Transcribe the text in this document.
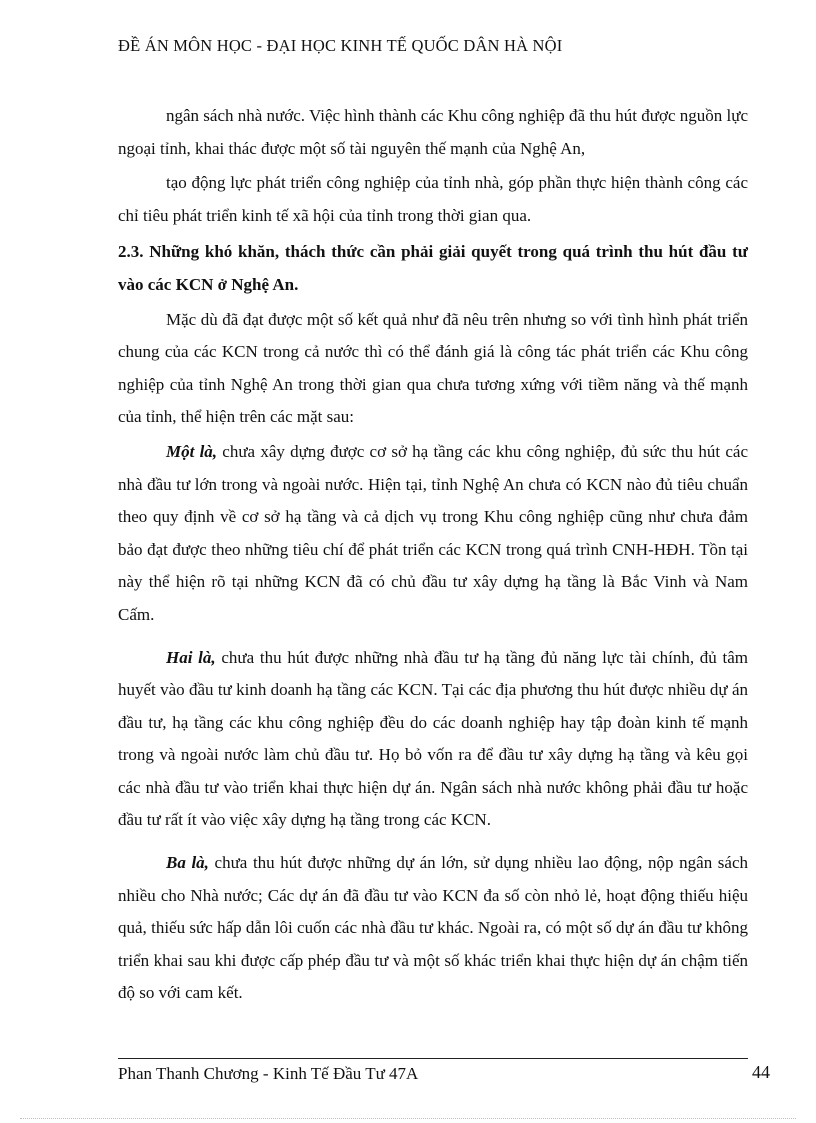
ĐỀ ÁN MÔN HỌC - ĐẠI HỌC KINH TẾ QUỐC DÂN HÀ NỘI

ngân sách nhà nước. Việc hình thành các Khu công nghiệp đã thu hút được nguồn lực ngoại tỉnh, khai thác được một số tài nguyên thế mạnh của Nghệ An,

tạo động lực phát triển công nghiệp của tỉnh nhà, góp phần thực hiện thành công các chỉ tiêu phát triển kinh tế xã hội của tỉnh trong thời gian qua.

2.3. Những khó khăn, thách thức cần phải giải quyết trong quá trình thu hút đầu tư vào các KCN ở Nghệ An.

Mặc dù đã đạt được một số kết quả như đã nêu trên nhưng so với tình hình phát triển chung của các KCN trong cả nước thì có thể đánh giá là công tác phát triển các Khu công nghiệp của tỉnh Nghệ An trong thời gian qua chưa tương xứng với tiềm năng và thế mạnh của tỉnh, thể hiện trên các mặt sau:

Một là, chưa xây dựng được cơ sở hạ tầng các khu công nghiệp, đủ sức thu hút các nhà đầu tư lớn trong và ngoài nước. Hiện tại, tỉnh Nghệ An chưa có KCN nào đủ tiêu chuẩn theo quy định về cơ sở hạ tầng và cả dịch vụ trong Khu công nghiệp cũng như chưa đảm bảo đạt được theo những tiêu chí để phát triển các KCN trong quá trình CNH-HĐH. Tồn tại này thể hiện rõ tại những KCN đã có chủ đầu tư xây dựng hạ tầng là Bắc Vinh và Nam Cấm.

Hai là, chưa thu hút được những nhà đầu tư hạ tầng đủ năng lực tài chính, đủ tâm huyết vào đầu tư kinh doanh hạ tầng các KCN. Tại các địa phương thu hút được nhiều dự án đầu tư, hạ tầng các khu công nghiệp đều do các doanh nghiệp hay tập đoàn kinh tế mạnh trong và ngoài nước làm chủ đầu tư. Họ bỏ vốn ra để đầu tư xây dựng hạ tầng và kêu gọi các nhà đầu tư vào triển khai thực hiện dự án. Ngân sách nhà nước không phải đầu tư hoặc đầu tư rất ít vào việc xây dựng hạ tầng trong các KCN.

Ba là, chưa thu hút được những dự án lớn, sử dụng nhiều lao động, nộp ngân sách nhiều cho Nhà nước; Các dự án đã đầu tư vào KCN đa số còn nhỏ lẻ, hoạt động thiếu hiệu quả, thiếu sức hấp dẫn lôi cuốn các nhà đầu tư khác. Ngoài ra, có một số dự án đầu tư không triển khai sau khi được cấp phép đầu tư và một số khác triển khai thực hiện dự án chậm tiến độ so với cam kết.

Phan Thanh Chương - Kinh Tế Đầu Tư 47A	44
